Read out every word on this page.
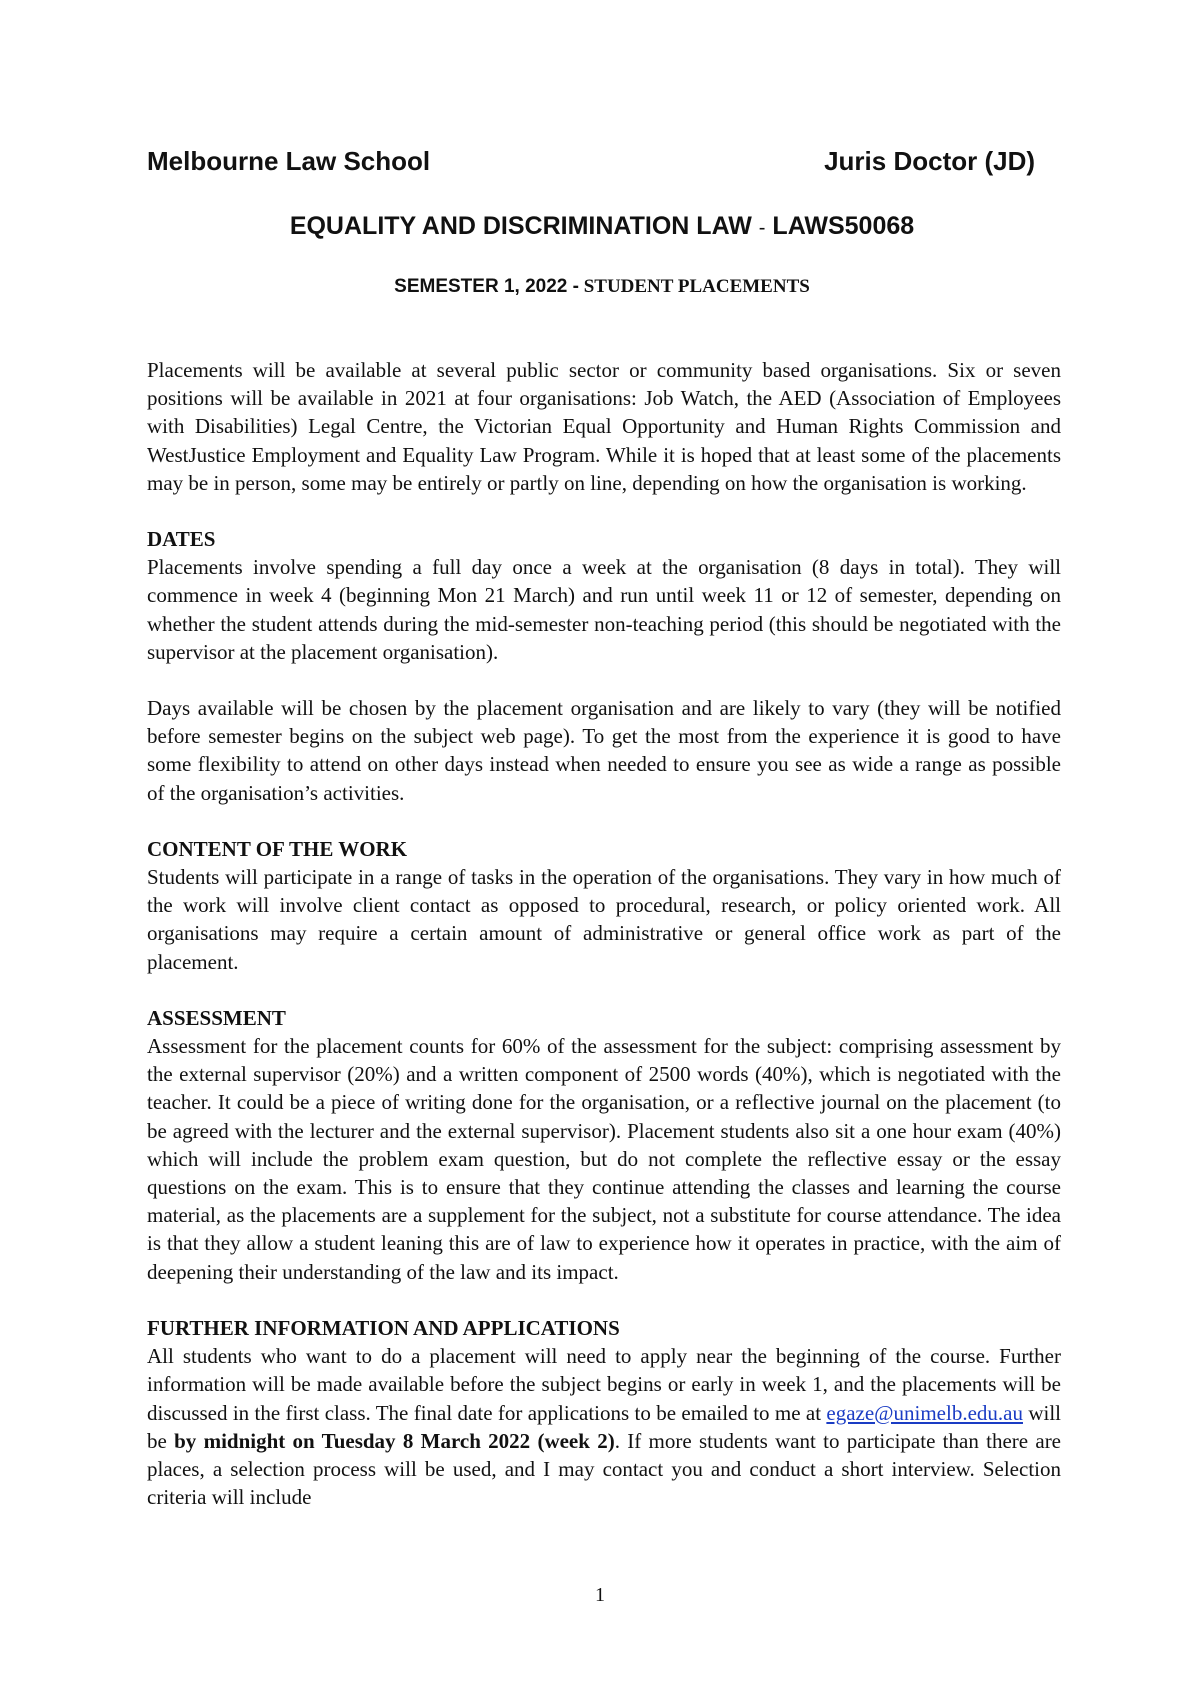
Melbourne Law School	Juris Doctor (JD)
EQUALITY AND DISCRIMINATION LAW - LAWS50068
SEMESTER 1, 2022 - STUDENT PLACEMENTS

Placements will be available at several public sector or community based organisations. Six or seven positions will be available in 2021 at four organisations: Job Watch, the AED (Association of Employees with Disabilities) Legal Centre, the Victorian Equal Opportunity and Human Rights Commission and WestJustice Employment and Equality Law Program. While it is hoped that at least some of the placements may be in person, some may be entirely or partly on line, depending on how the organisation is working.

DATES

Placements involve spending a full day once a week at the organisation (8 days in total). They will commence in week 4 (beginning Mon 21 March) and run until week 11 or 12 of semester, depending on whether the student attends during the mid-semester non-teaching period (this should be negotiated with the supervisor at the placement organisation).

Days available will be chosen by the placement organisation and are likely to vary (they will be notified before semester begins on the subject web page). To get the most from the experience it is good to have some flexibility to attend on other days instead when needed to ensure you see as wide a range as possible of the organisation’s activities.

CONTENT OF THE WORK

Students will participate in a range of tasks in the operation of the organisations. They vary in how much of the work will involve client contact as opposed to procedural, research, or policy oriented work. All organisations may require a certain amount of administrative or general office work as part of the placement.

ASSESSMENT

Assessment for the placement counts for 60% of the assessment for the subject: comprising assessment by the external supervisor (20%) and a written component of 2500 words (40%), which is negotiated with the teacher. It could be a piece of writing done for the organisation, or a reflective journal on the placement (to be agreed with the lecturer and the external supervisor). Placement students also sit a one hour exam (40%) which will include the problem exam question, but do not complete the reflective essay or the essay questions on the exam. This is to ensure that they continue attending the classes and learning the course material, as the placements are a supplement for the subject, not a substitute for course attendance. The idea is that they allow a student leaning this are of law to experience how it operates in practice, with the aim of deepening their understanding of the law and its impact.

FURTHER INFORMATION AND APPLICATIONS

All students who want to do a placement will need to apply near the beginning of the course. Further information will be made available before the subject begins or early in week 1, and the placements will be discussed in the first class. The final date for applications to be emailed to me at egaze@unimelb.edu.au will be by midnight on Tuesday 8 March 2022 (week 2). If more students want to participate than there are places, a selection process will be used, and I may contact you and conduct a short interview. Selection criteria will include

1
